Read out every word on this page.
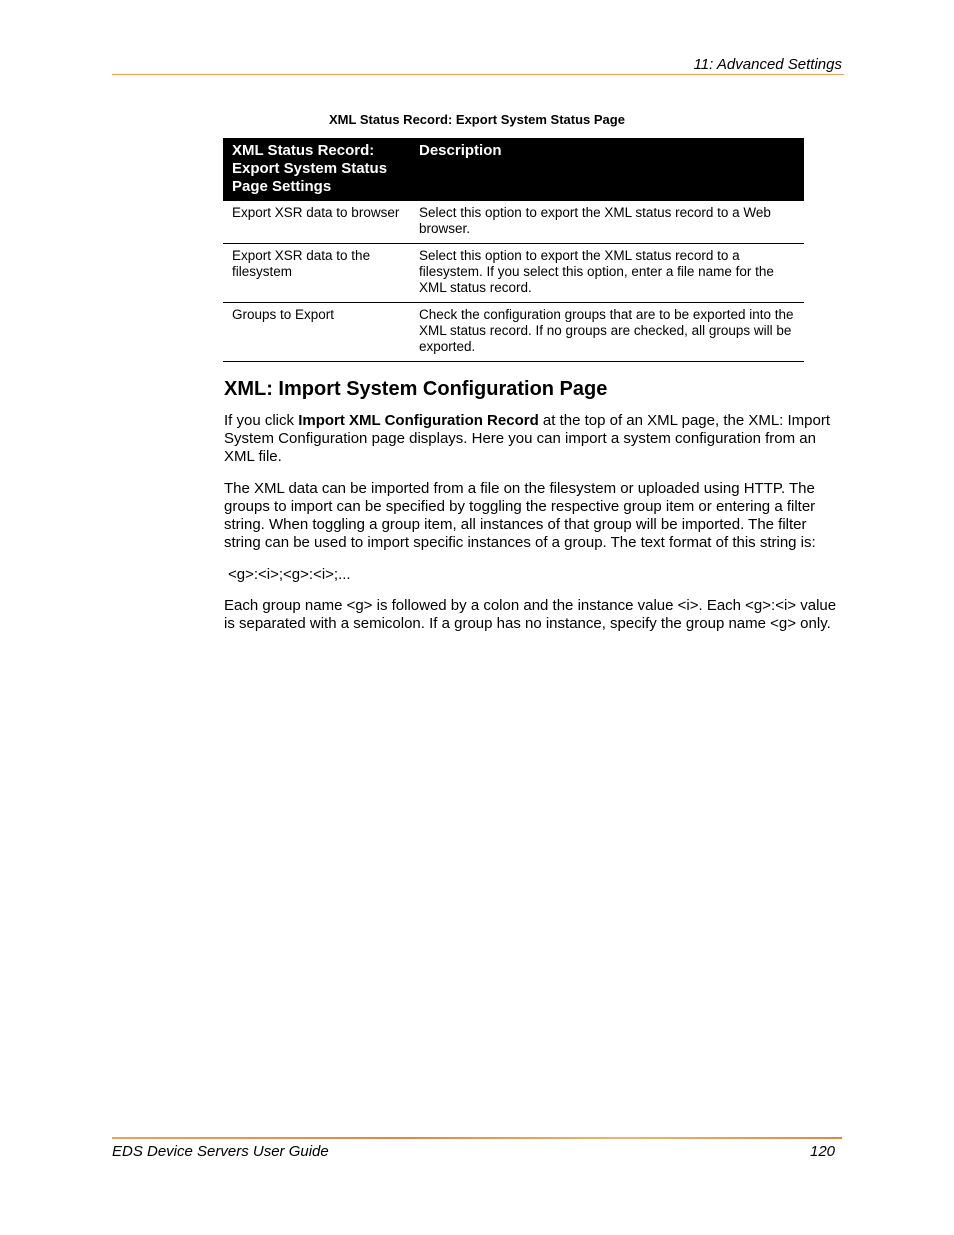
11: Advanced Settings
XML Status Record: Export System Status Page
XML Status Record: Export System Status Page Settings	Description
Export XSR data to browser	Select this option to export the XML status record to a Web browser.
Export XSR data to the filesystem	Select this option to export the XML status record to a filesystem. If you select this option, enter a file name for the XML status record.
Groups to Export	Check the configuration groups that are to be exported into the XML status record. If no groups are checked, all groups will be exported.
XML: Import System Configuration Page
If you click Import XML Configuration Record at the top of an XML page, the XML: Import System Configuration page displays. Here you can import a system configuration from an XML file.
The XML data can be imported from a file on the filesystem or uploaded using HTTP. The groups to import can be specified by toggling the respective group item or entering a filter string. When toggling a group item, all instances of that group will be imported. The filter string can be used to import specific instances of a group. The text format of this string is:
<g>:<i>;<g>:<i>;...
Each group name <g> is followed by a colon and the instance value <i>. Each <g>:<i> value is separated with a semicolon. If a group has no instance, specify the group name <g> only.
EDS Device Servers User Guide	120
